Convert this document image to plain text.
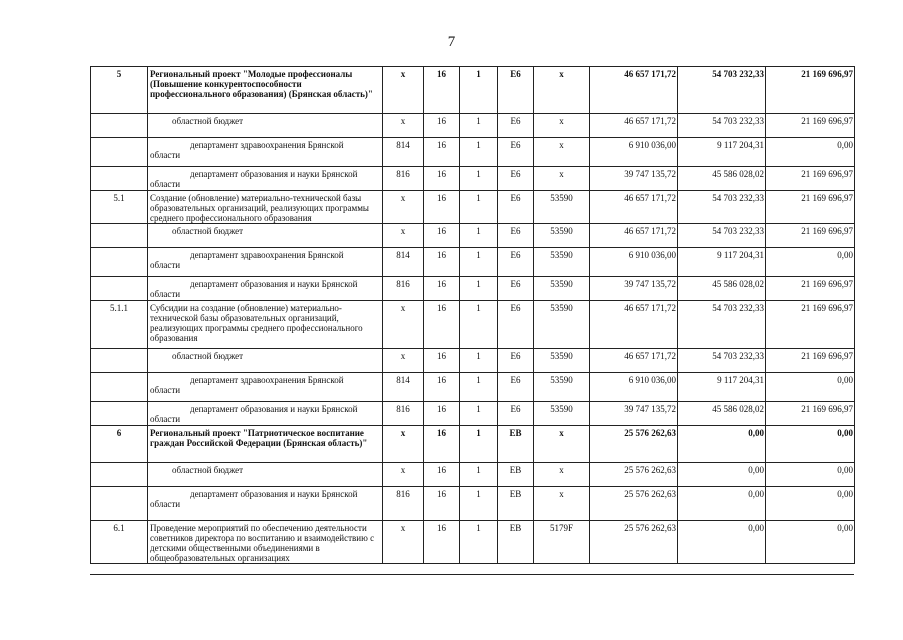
7
5	Региональный проект "Молодые профессионалы (Повышение конкурентоспособности профессионального образования) (Брянская область)"	x	16	1	E6	x	46 657 171,72	54 703 232,33	21 169 696,97
	областной бюджет	x	16	1	E6	x	46 657 171,72	54 703 232,33	21 169 696,97

	департамент здравоохранения Брянской
области	814	16	1	E6	x	6 910 036,00	9 117 204,31	0,00

	департамент образования и науки Брянской
области	816	16	1	E6	x	39 747 135,72	45 586 028,02	21 169 696,97
5.1	Создание (обновление) материально-технической базы образовательных организаций, реализующих программы среднего профессионального образования	x	16	1	E6	53590	46 657 171,72	54 703 232,33	21 169 696,97
	областной бюджет	x	16	1	E6	53590	46 657 171,72	54 703 232,33	21 169 696,97

	департамент здравоохранения Брянской
области	814	16	1	E6	53590	6 910 036,00	9 117 204,31	0,00

	департамент образования и науки Брянской
области	816	16	1	E6	53590	39 747 135,72	45 586 028,02	21 169 696,97
5.1.1	Субсидии на создание (обновление) материально-технической базы образовательных организаций, реализующих программы среднего профессионального образования	x	16	1	E6	53590	46 657 171,72	54 703 232,33	21 169 696,97
	областной бюджет	x	16	1	E6	53590	46 657 171,72	54 703 232,33	21 169 696,97

	департамент здравоохранения Брянской
области	814	16	1	E6	53590	6 910 036,00	9 117 204,31	0,00

	департамент образования и науки Брянской
области	816	16	1	E6	53590	39 747 135,72	45 586 028,02	21 169 696,97
6	Региональный проект "Патриотическое воспитание граждан Российской Федерации (Брянская область)"	x	16	1	EB	x	25 576 262,63	0,00	0,00
	областной бюджет	x	16	1	EB	x	25 576 262,63	0,00	0,00

	департамент образования и науки Брянской
области	816	16	1	EB	x	25 576 262,63	0,00	0,00
6.1	Проведение мероприятий по обеспечению деятельности советников директора по воспитанию и взаимодействию с детскими общественными объединениями в общеобразовательных организациях	x	16	1	EB	5179F	25 576 262,63	0,00	0,00
